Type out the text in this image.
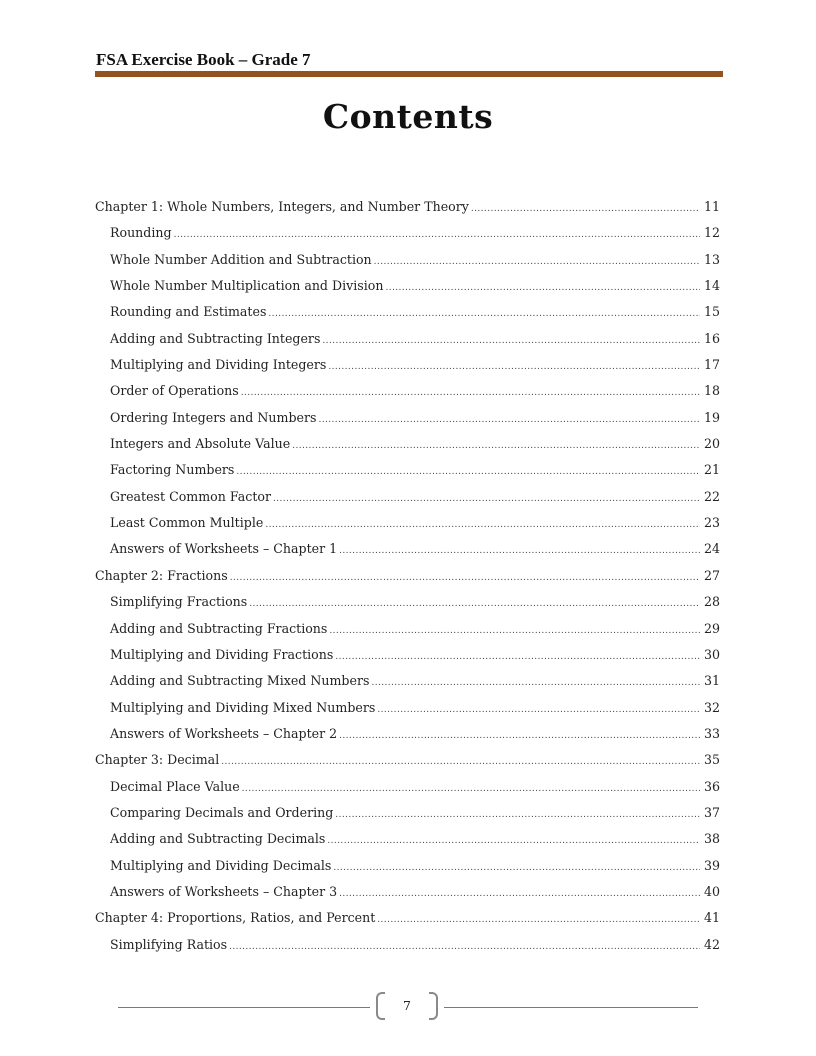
FSA Exercise Book – Grade 7
Contents
Chapter 1: Whole Numbers, Integers, and Number Theory .....	11
Rounding .....	12
Whole Number Addition and Subtraction .....	13
Whole Number Multiplication and Division .....	14
Rounding and Estimates .....	15
Adding and Subtracting Integers .....	16
Multiplying and Dividing Integers .....	17
Order of Operations .....	18
Ordering Integers and Numbers .....	19
Integers and Absolute Value .....	20
Factoring Numbers .....	21
Greatest Common Factor .....	22
Least Common Multiple .....	23
Answers of Worksheets – Chapter 1 .....	24
Chapter 2: Fractions .....	27
Simplifying Fractions .....	28
Adding and Subtracting Fractions .....	29
Multiplying and Dividing Fractions .....	30
Adding and Subtracting Mixed Numbers .....	31
Multiplying and Dividing Mixed Numbers .....	32
Answers of Worksheets – Chapter 2 .....	33
Chapter 3: Decimal .....	35
Decimal Place Value .....	36
Comparing Decimals and Ordering .....	37
Adding and Subtracting Decimals .....	38
Multiplying and Dividing Decimals .....	39
Answers of Worksheets – Chapter 3 .....	40
Chapter 4: Proportions, Ratios, and Percent .....	41
Simplifying Ratios .....	42
7
